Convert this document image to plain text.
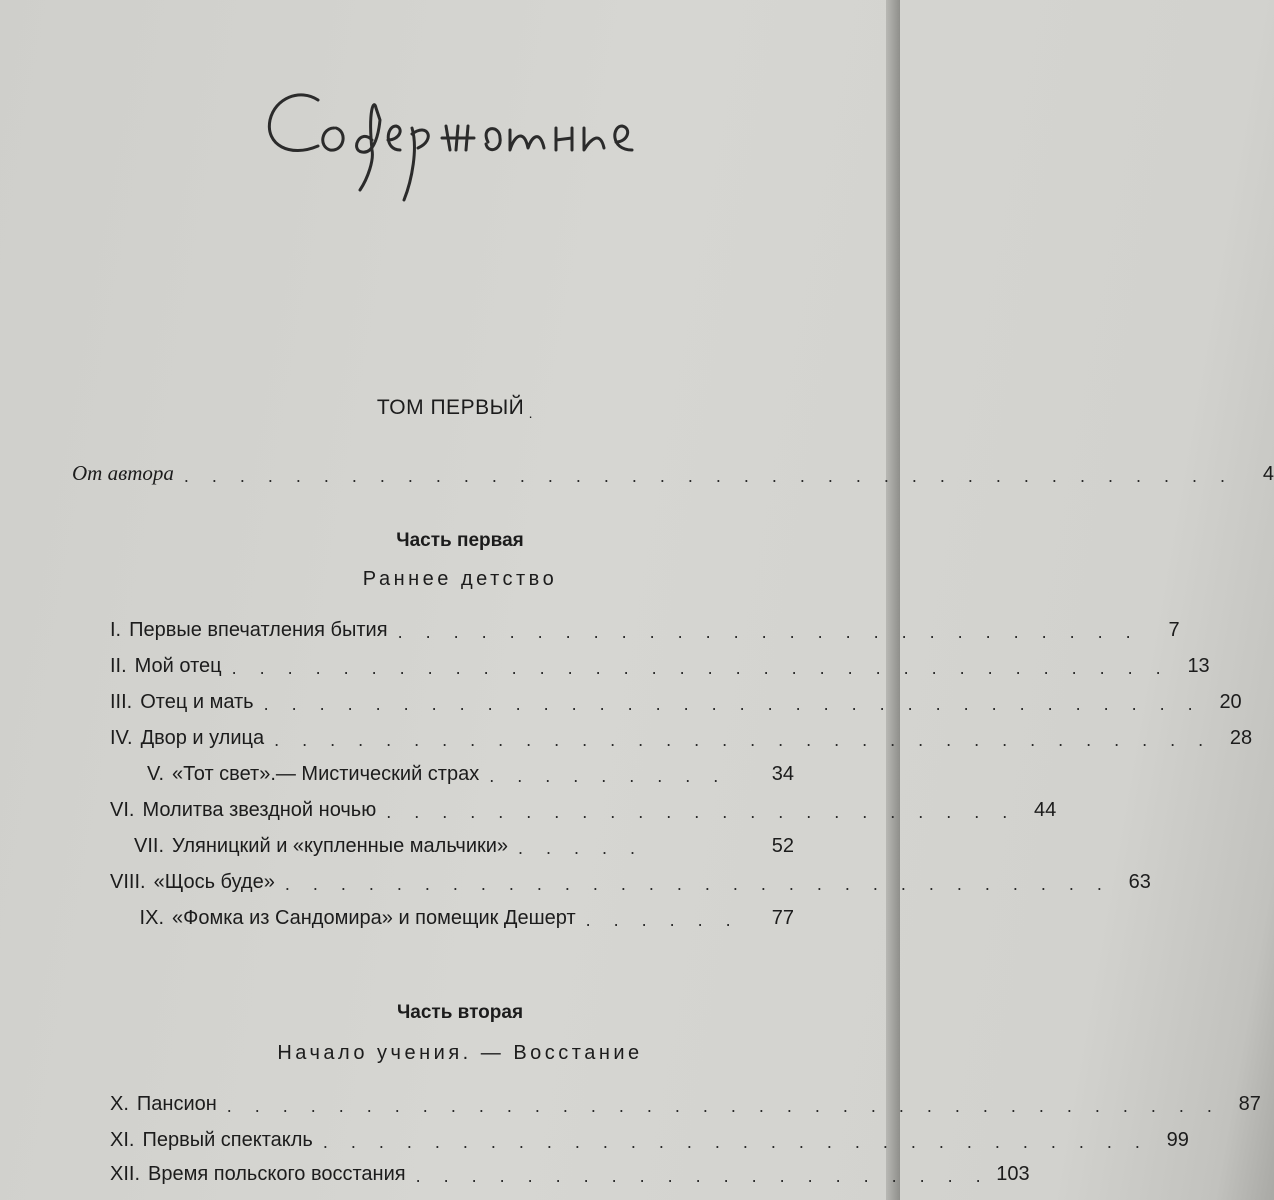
ТОМ ПЕРВЫЙ .
От автора . . . . . . . . . . . . . . . . . . . . . . . . . . . . . . . . . . . . . .	4
Часть первая
Раннее детство
I. Первые впечатления бытия . . . . . . . . . . . . . . . . . . . . . . . . . . .	7
II. Мой отец . . . . . . . . . . . . . . . . . . . . . . . . . . . . . . . . . . 13
III. Отец и мать . . . . . . . . . . . . . . . . . . . . . . . . . . . . . . . . . . 20
IV. Двор и улица . . . . . . . . . . . . . . . . . . . . . . . . . . . . . . . . . . 28
V. «Тот свет».— Мистический страх . . . . . . . . .	34
VI. Молитва звездной ночью . . . . . . . . . . . . . . . . . . . . . . . 44
VII. Уляницкий и «купленные мальчики» . . . . .	52
VIII. «Щось буде» . . . . . . . . . . . . . . . . . . . . . . . . . . . . . . 63
IX. «Фомка из Сандомира» и помещик Дешерт . . . . . .	77
Часть вторая
Начало учения. — Восстание
X. Пансион . . . . . . . . . . . . . . . . . . . . . . . . . . . . . . . . . . . . 87
XI. Первый спектакль . . . . . . . . . . . . . . . . . . . . . . . . . . . . . . 99
XII. Время польского восстания . . . . . . . . . . . . . . . . . . . . . 103
